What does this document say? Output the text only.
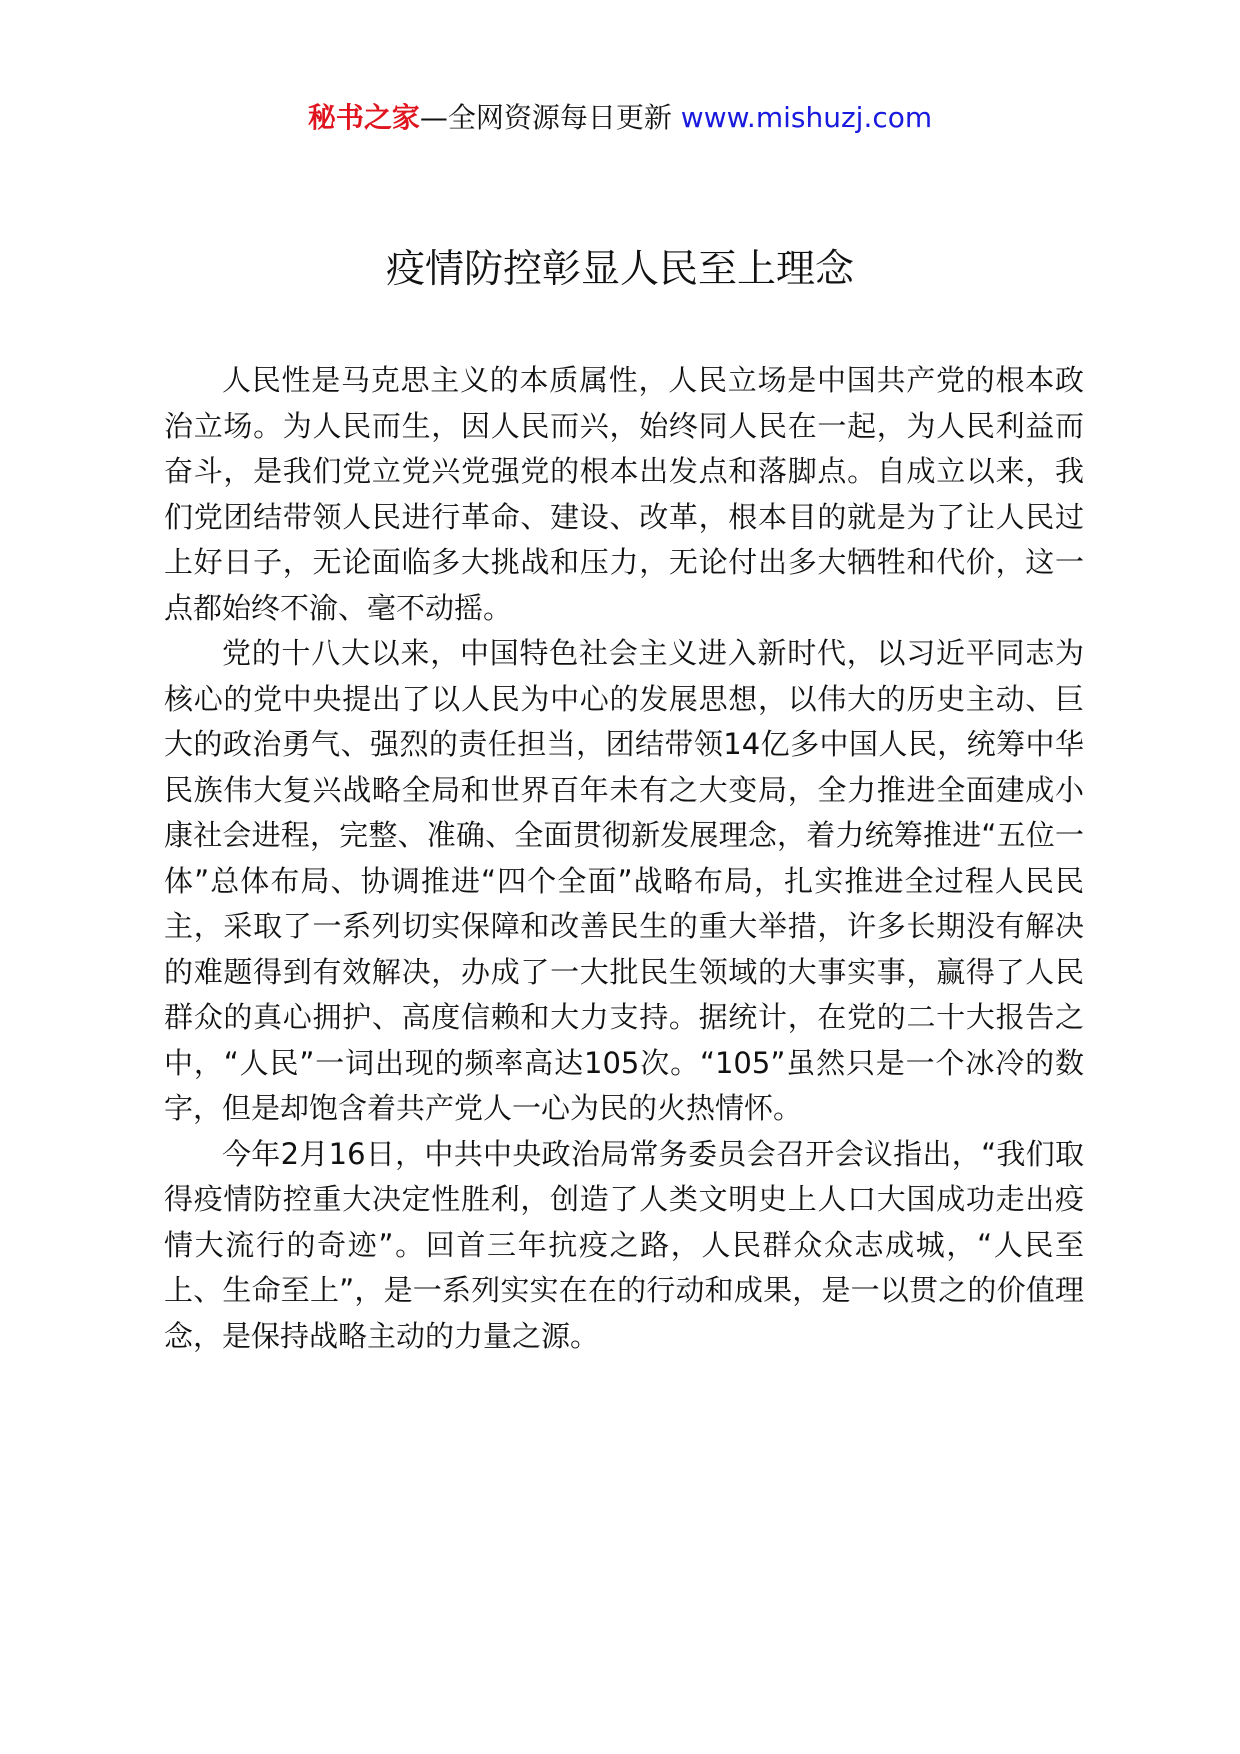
秘书之家—全网资源每日更新 www.mishuzj.com
疫情防控彰显人民至上理念

人民性是马克思主义的本质属性，人民立场是中国共产党的根本政治立场。为人民而生，因人民而兴，始终同人民在一起，为人民利益而奋斗，是我们党立党兴党强党的根本出发点和落脚点。自成立以来，我们党团结带领人民进行革命、建设、改革，根本目的就是为了让人民过上好日子，无论面临多大挑战和压力，无论付出多大牺牲和代价，这一点都始终不渝、毫不动摇。

党的十八大以来，中国特色社会主义进入新时代，以习近平同志为核心的党中央提出了以人民为中心的发展思想，以伟大的历史主动、巨大的政治勇气、强烈的责任担当，团结带领14亿多中国人民，统筹中华民族伟大复兴战略全局和世界百年未有之大变局，全力推进全面建成小康社会进程，完整、准确、全面贯彻新发展理念，着力统筹推进“五位一体”总体布局、协调推进“四个全面”战略布局，扎实推进全过程人民民主，采取了一系列切实保障和改善民生的重大举措，许多长期没有解决的难题得到有效解决，办成了一大批民生领域的大事实事，赢得了人民群众的真心拥护、高度信赖和大力支持。据统计，在党的二十大报告之中，“人民”一词出现的频率高达105次。“105”虽然只是一个冰冷的数字，但是却饱含着共产党人一心为民的火热情怀。

今年2月16日，中共中央政治局常务委员会召开会议指出，“我们取得疫情防控重大决定性胜利，创造了人类文明史上人口大国成功走出疫情大流行的奇迹”。回首三年抗疫之路，人民群众众志成城，“人民至上、生命至上”，是一系列实实在在的行动和成果，是一以贯之的价值理念，是保持战略主动的力量之源。
